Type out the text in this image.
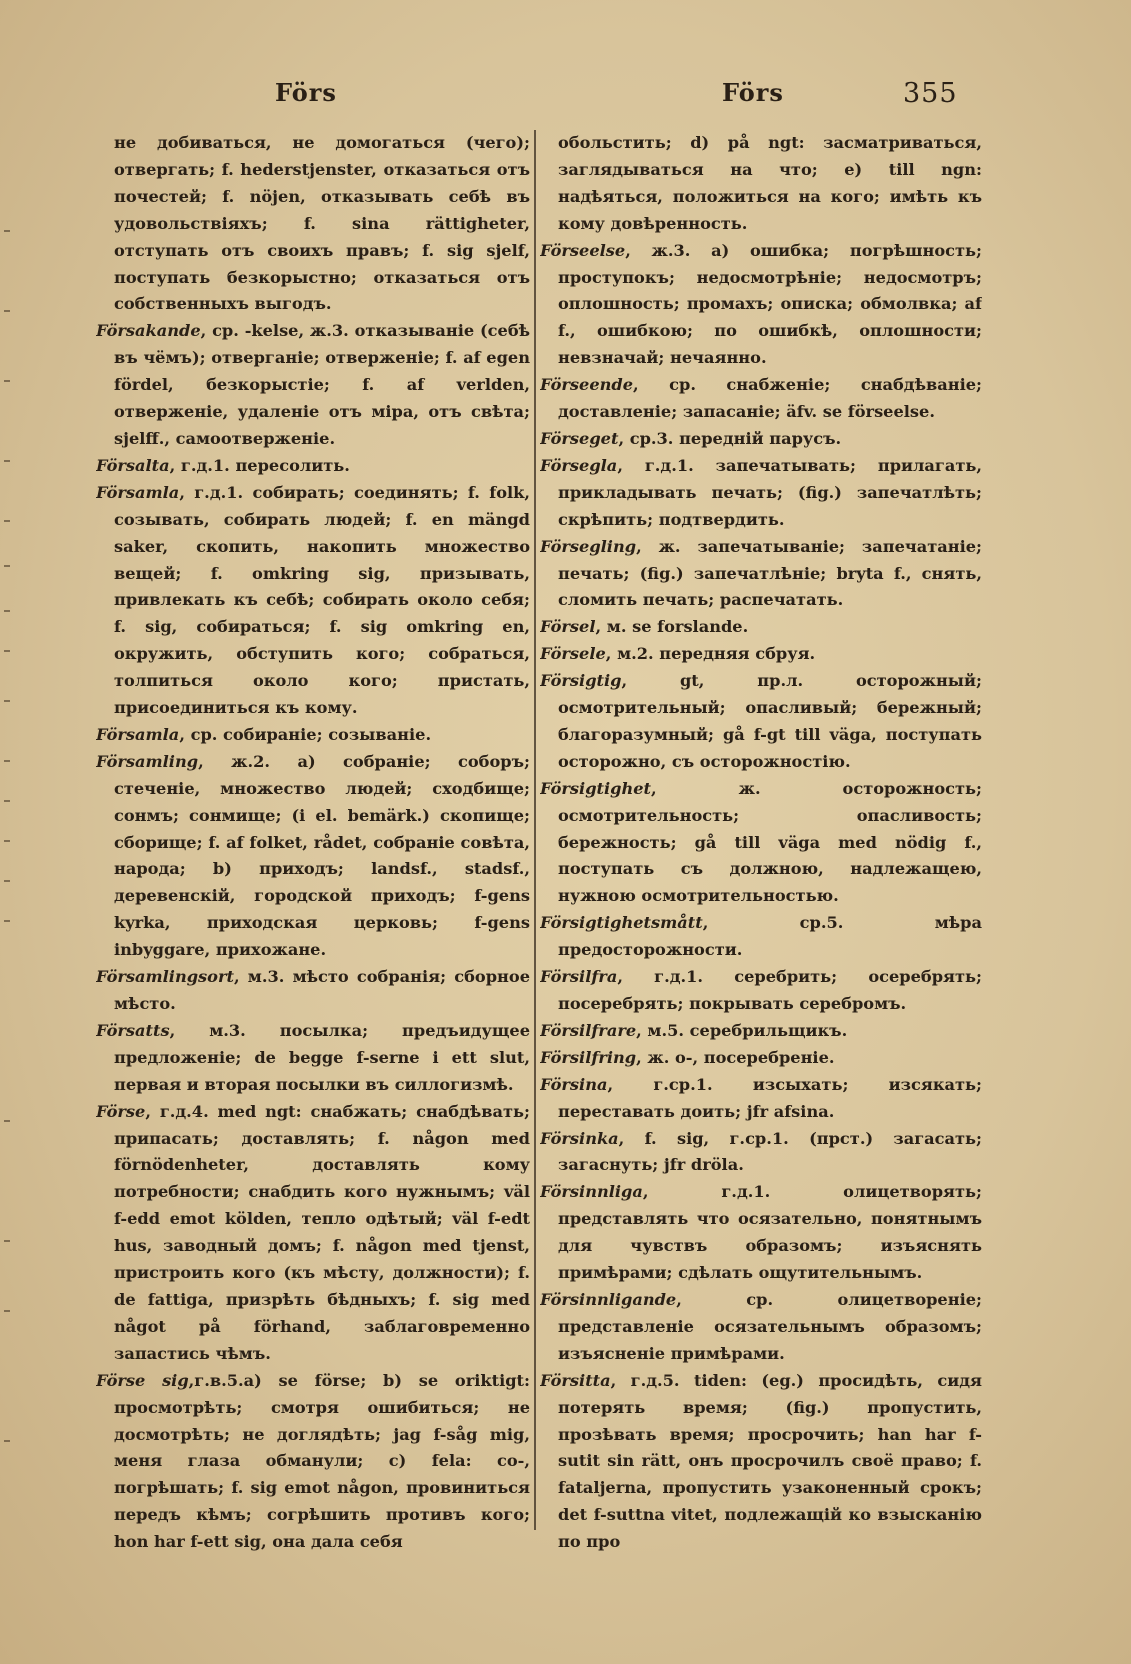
Förs	Förs	355

не добиваться, не домогаться (чего); отвергать; f. hederstjenster, отказаться отъ почестей; f. nöjen, отказывать себѣ въ удовольствіяхъ; f. sina rättigheter, отступать отъ своихъ правъ; f. sig sjelf, поступать безкорыстно; отказаться отъ собственныхъ выгодъ.

Försakande, ср. -kelse, ж.3. отказываніе (себѣ въ чёмъ); отверганіе; отверженіе; f. af egen fördel, безкорыстіе; f. af verlden, отверженіе, удаленіе отъ міра, отъ свѣта; sjelff., самоотверженіе.

Försalta, г.д.1. пересолить.

Församla, г.д.1. собирать; соединять; f. folk, созывать, собирать людей; f. en mängd saker, скопить, накопить множество вещей; f. omkring sig, призывать, привлекать къ себѣ; собирать около себя; f. sig, собираться; f. sig omkring en, окружить, обступить кого; собраться, толпиться около кого; пристать, присоединиться къ кому.

Församla, ср. собираніе; созываніе.

Församling, ж.2. a) собраніе; соборъ; стеченіе, множество людей; сходбище; сонмъ; сонмище; (i el. bemärk.) скопище; сборище; f. af folket, rådet, собраніе совѣта, народа; b) приходъ; landsf., stadsf., деревенскій, городской приходъ; f-gens kyrka, приходская церковь; f-gens inbyggare, прихожане.

Församlingsort, м.3. мѣсто собранія; сборное мѣсто.

Försatts, м.3. посылка; предъидущее предложеніе; de begge f-serne i ett slut, первая и вторая посылки въ силлогизмѣ.

Förse, г.д.4. med ngt: снабжать; снабдѣвать; припасать; доставлять; f. någon med förnödenheter, доставлять кому потребности; снабдить кого нужнымъ; väl f-edd emot kölden, тепло одѣтый; väl f-edt hus, заводный домъ; f. någon med tjenst, пристроить кого (къ мѣсту, должности); f. de fattiga, призрѣть бѣдныхъ; f. sig med något på förhand, заблаговременно запастись чѣмъ.

Förse sig,г.в.5.a) se förse; b) se oriktigt: просмотрѣть; смотря ошибиться; не досмотрѣть; не доглядѣть; jag f-såg mig, меня глаза обманули; c) fela: со-, погрѣшать; f. sig emot någon, провиниться передъ кѣмъ; согрѣшить противъ кого; hon har f-ett sig, она дала себя

обольстить; d) på ngt: засматриваться, заглядываться на что; e) till ngn: надѣяться, положиться на кого; имѣть къ кому довѣренность.

Förseelse, ж.3. a) ошибка; погрѣшность; проступокъ; недосмотрѣніе; недосмотръ; оплошность; промахъ; описка; обмолвка; af f., ошибкою; по ошибкѣ, оплошности; невзначай; нечаянно.

Förseende, ср. снабженіе; снабдѣваніе; доставленіе; запасаніе; äfv. se förseelse.

Förseget, ср.3. передній парусъ.

Försegla, г.д.1. запечатывать; прилагать, прикладывать печать; (fig.) запечатлѣть; скрѣпить; подтвердить.

Försegling, ж. запечатываніе; запечатаніе; печать; (fig.) запечатлѣніе; bryta f., снять, сломить печать; распечатать.

Försel, м. se forslande.

Försele, м.2. передняя сбруя.

Försigtig, gt, пр.л. осторожный; осмотрительный; опасливый; бережный; благоразумный; gå f-gt till väga, поступать осторожно, съ осторожностію.

Försigtighet, ж. осторожность; осмотрительность; опасливость; бережность; gå till väga med nödig f., поступать съ должною, надлежащею, нужною осмотрительностью.

Försigtighetsmått, ср.5. мѣра предосторожности.

Försilfra, г.д.1. серебрить; осеребрять; посеребрять; покрывать серебромъ.

Försilfrare, м.5. серебрильщикъ.

Försilfring, ж. о-, посеребреніе.

Försina, г.ср.1. изсыхать; изсякать; переставать доить; jfr afsina.

Försinka, f. sig, г.ср.1. (прст.) загасать; загаснуть; jfr dröla.

Försinnliga, г.д.1. олицетворять; представлять что осязательно, понятнымъ для чувствъ образомъ; изъяснять примѣрами; сдѣлать ощутительнымъ.

Försinnligande, ср. олицетвореніе; представленіе осязательнымъ образомъ; изъясненіе примѣрами.

Försitta, г.д.5. tiden: (eg.) просидѣть, сидя потерять время; (fig.) пропустить, прозѣвать время; просрочить; han har f-sutit sin rätt, онъ просрочилъ своё право; f. fataljerna, пропустить узаконенный срокъ; det f-suttna vitet, подлежащій ко взысканію по про
